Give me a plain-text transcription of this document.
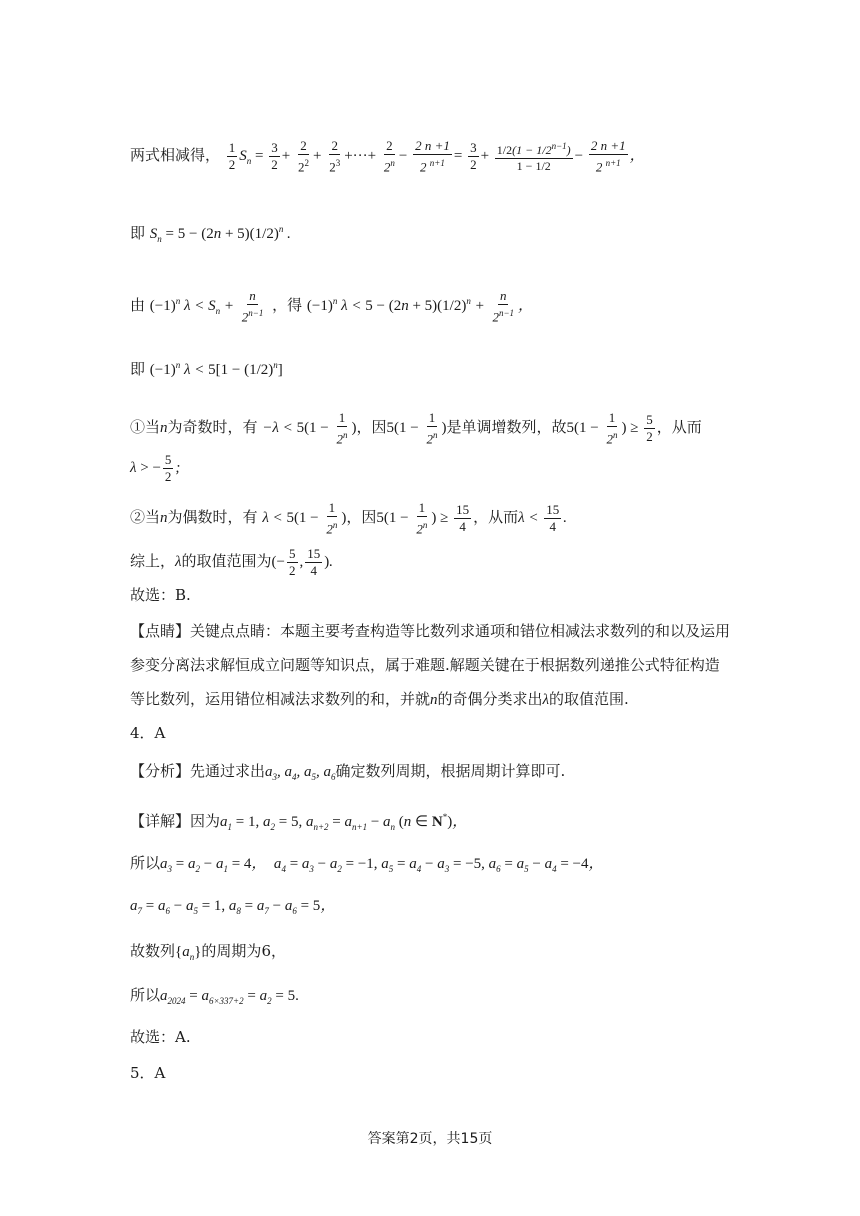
两式相减得， $\frac{1}{2} S_n = \frac{3}{2} + \frac{2}{2^2} + \frac{2}{2^3}$ +···+ $\frac{2}{2^n} - \frac{2 n +1}{2 ^{n+1}} = \frac{3}{2} + \frac{1/2(1 - 1/2^{n-1})}{1 - 1/2} - \frac{2 n +1}{2 ^{n+1}}$ ，
即 $S_n = 5 - (2n + 5)(1/2)^n$ .
由 $(-1)^n$ $\lambda < S_n + \frac{n}{2^{n-1}}$ ，得 $(-1)^n$ $\lambda < 5 - (2n + 5)(1/2)^n + \frac{n}{2^{n-1}}$ ，
即 $(-1)^n$ $\lambda < 5[1 - (1/2)^n]$
①当n为奇数时，有 $-\lambda < 5(1 - \frac{1}{2^n}$ )，因$5(1 - \frac{1}{2^n}$ )是单调增数列，故$5(1 - \frac{1}{2^n}$ ) ≥ $\frac{5}{2}$ ，从而
λ > − $\frac{5}{2}$ ;
②当n为偶数时，有 $\lambda < 5(1 - \frac{1}{2^n}$ )，因$5(1 - \frac{1}{2^n}$ ) ≥ $\frac{15}{4}$ ，从而$\lambda < \frac{15}{4}$ .
综上，λ的取值范围为(− $\frac{5}{2}$ , $\frac{15}{4}$ ).
故选：B.
【点睛】关键点点睛：本题主要考查构造等比数列求通项和错位相减法求数列的和以及运用
参变分离法求解恒成立问题等知识点，属于难题.解题关键在于根据数列递推公式特征构造
等比数列，运用错位相减法求数列的和，并就n的奇偶分类求出λ的取值范围.
4．A
【分析】先通过求出$a_3$, $a_4$, $a_5$, $a_6$确定数列周期，根据周期计算即可.
【详解】因为$a_1 = 1$, $a_2 = 5$, $a_{n+2} = a_{n+1} - a_n$ (n ∈ N*)，
所以$a_3 = a_2 - a_1 = 4$，  $a_4 = a_3 - a_2 = -1$, $a_5 = a_4 - a_3 = -5$, $a_6 = a_5 - a_4 = -4$，
$a_7 = a_6 - a_5 = 1$, $a_8 = a_7 - a_6 = 5$，
故数列$\{a_n\}$的周期为6，
所以$a_{2024} = a_{6\times 337+2} = a_2 = 5$.
故选：A.
5．A
答案第2页，共15页
